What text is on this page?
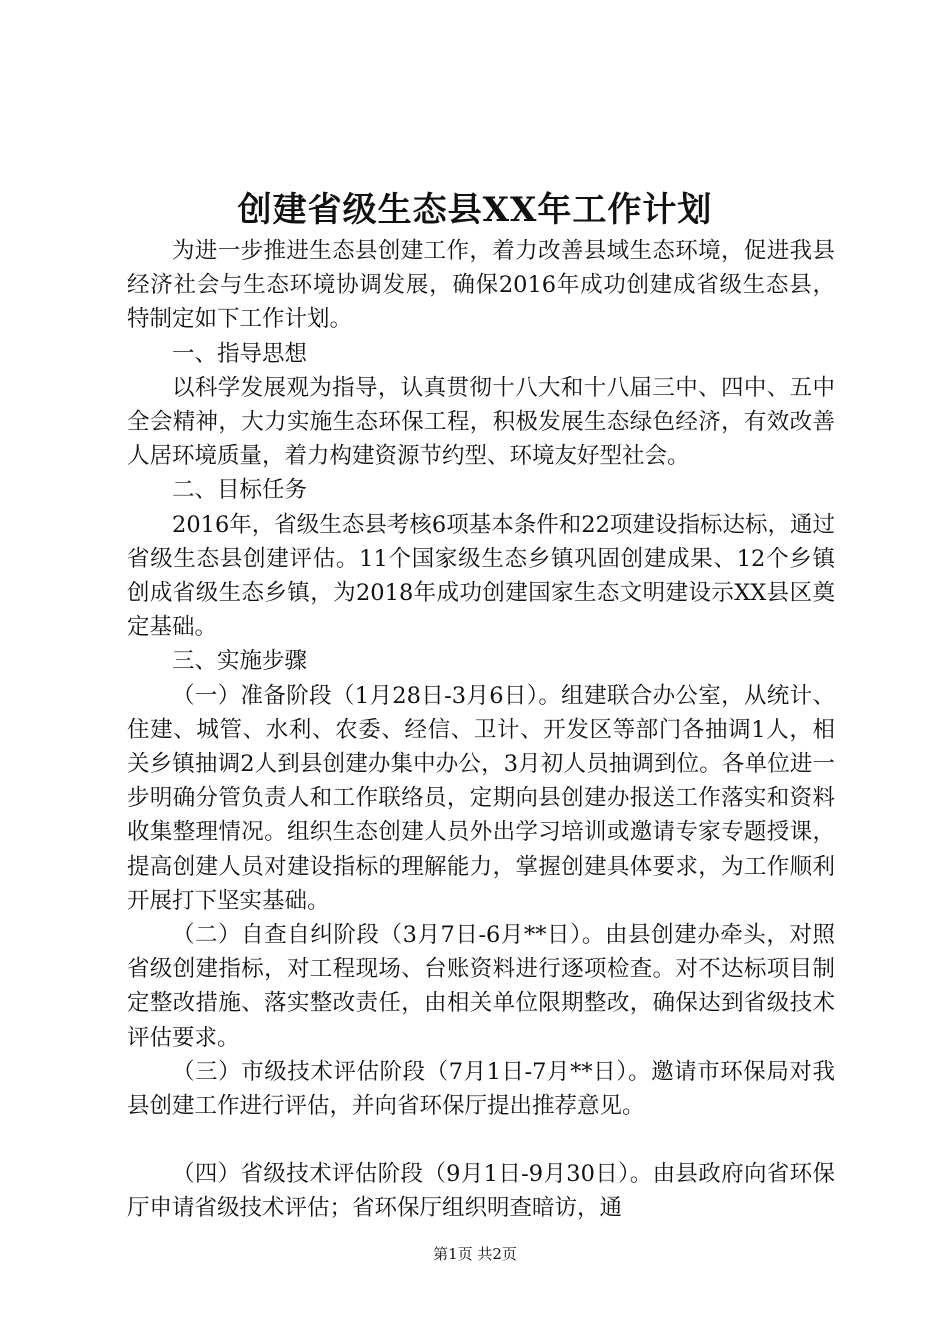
创建省级生态县XX年工作计划

为进一步推进生态县创建工作，着力改善县域生态环境，促进我县经济社会与生态环境协调发展，确保2016年成功创建成省级生态县，特制定如下工作计划。

一、指导思想

以科学发展观为指导，认真贯彻十八大和十八届三中、四中、五中全会精神，大力实施生态环保工程，积极发展生态绿色经济，有效改善人居环境质量，着力构建资源节约型、环境友好型社会。

二、目标任务

2016年，省级生态县考核6项基本条件和22项建设指标达标，通过省级生态县创建评估。11个国家级生态乡镇巩固创建成果、12个乡镇创成省级生态乡镇，为2018年成功创建国家生态文明建设示XX县区奠定基础。

三、实施步骤

（一）准备阶段（1月28日-3月6日）。组建联合办公室，从统计、住建、城管、水利、农委、经信、卫计、开发区等部门各抽调1人，相关乡镇抽调2人到县创建办集中办公，3月初人员抽调到位。各单位进一步明确分管负责人和工作联络员，定期向县创建办报送工作落实和资料收集整理情况。组织生态创建人员外出学习培训或邀请专家专题授课，提高创建人员对建设指标的理解能力，掌握创建具体要求，为工作顺利开展打下坚实基础。

（二）自查自纠阶段（3月7日-6月**日）。由县创建办牵头，对照省级创建指标，对工程现场、台账资料进行逐项检查。对不达标项目制定整改措施、落实整改责任，由相关单位限期整改，确保达到省级技术评估要求。

（三）市级技术评估阶段（7月1日-7月**日）。邀请市环保局对我县创建工作进行评估，并向省环保厅提出推荐意见。

（四）省级技术评估阶段（9月1日-9月30日）。由县政府向省环保厅申请省级技术评估；省环保厅组织明查暗访，通

第1页 共2页
